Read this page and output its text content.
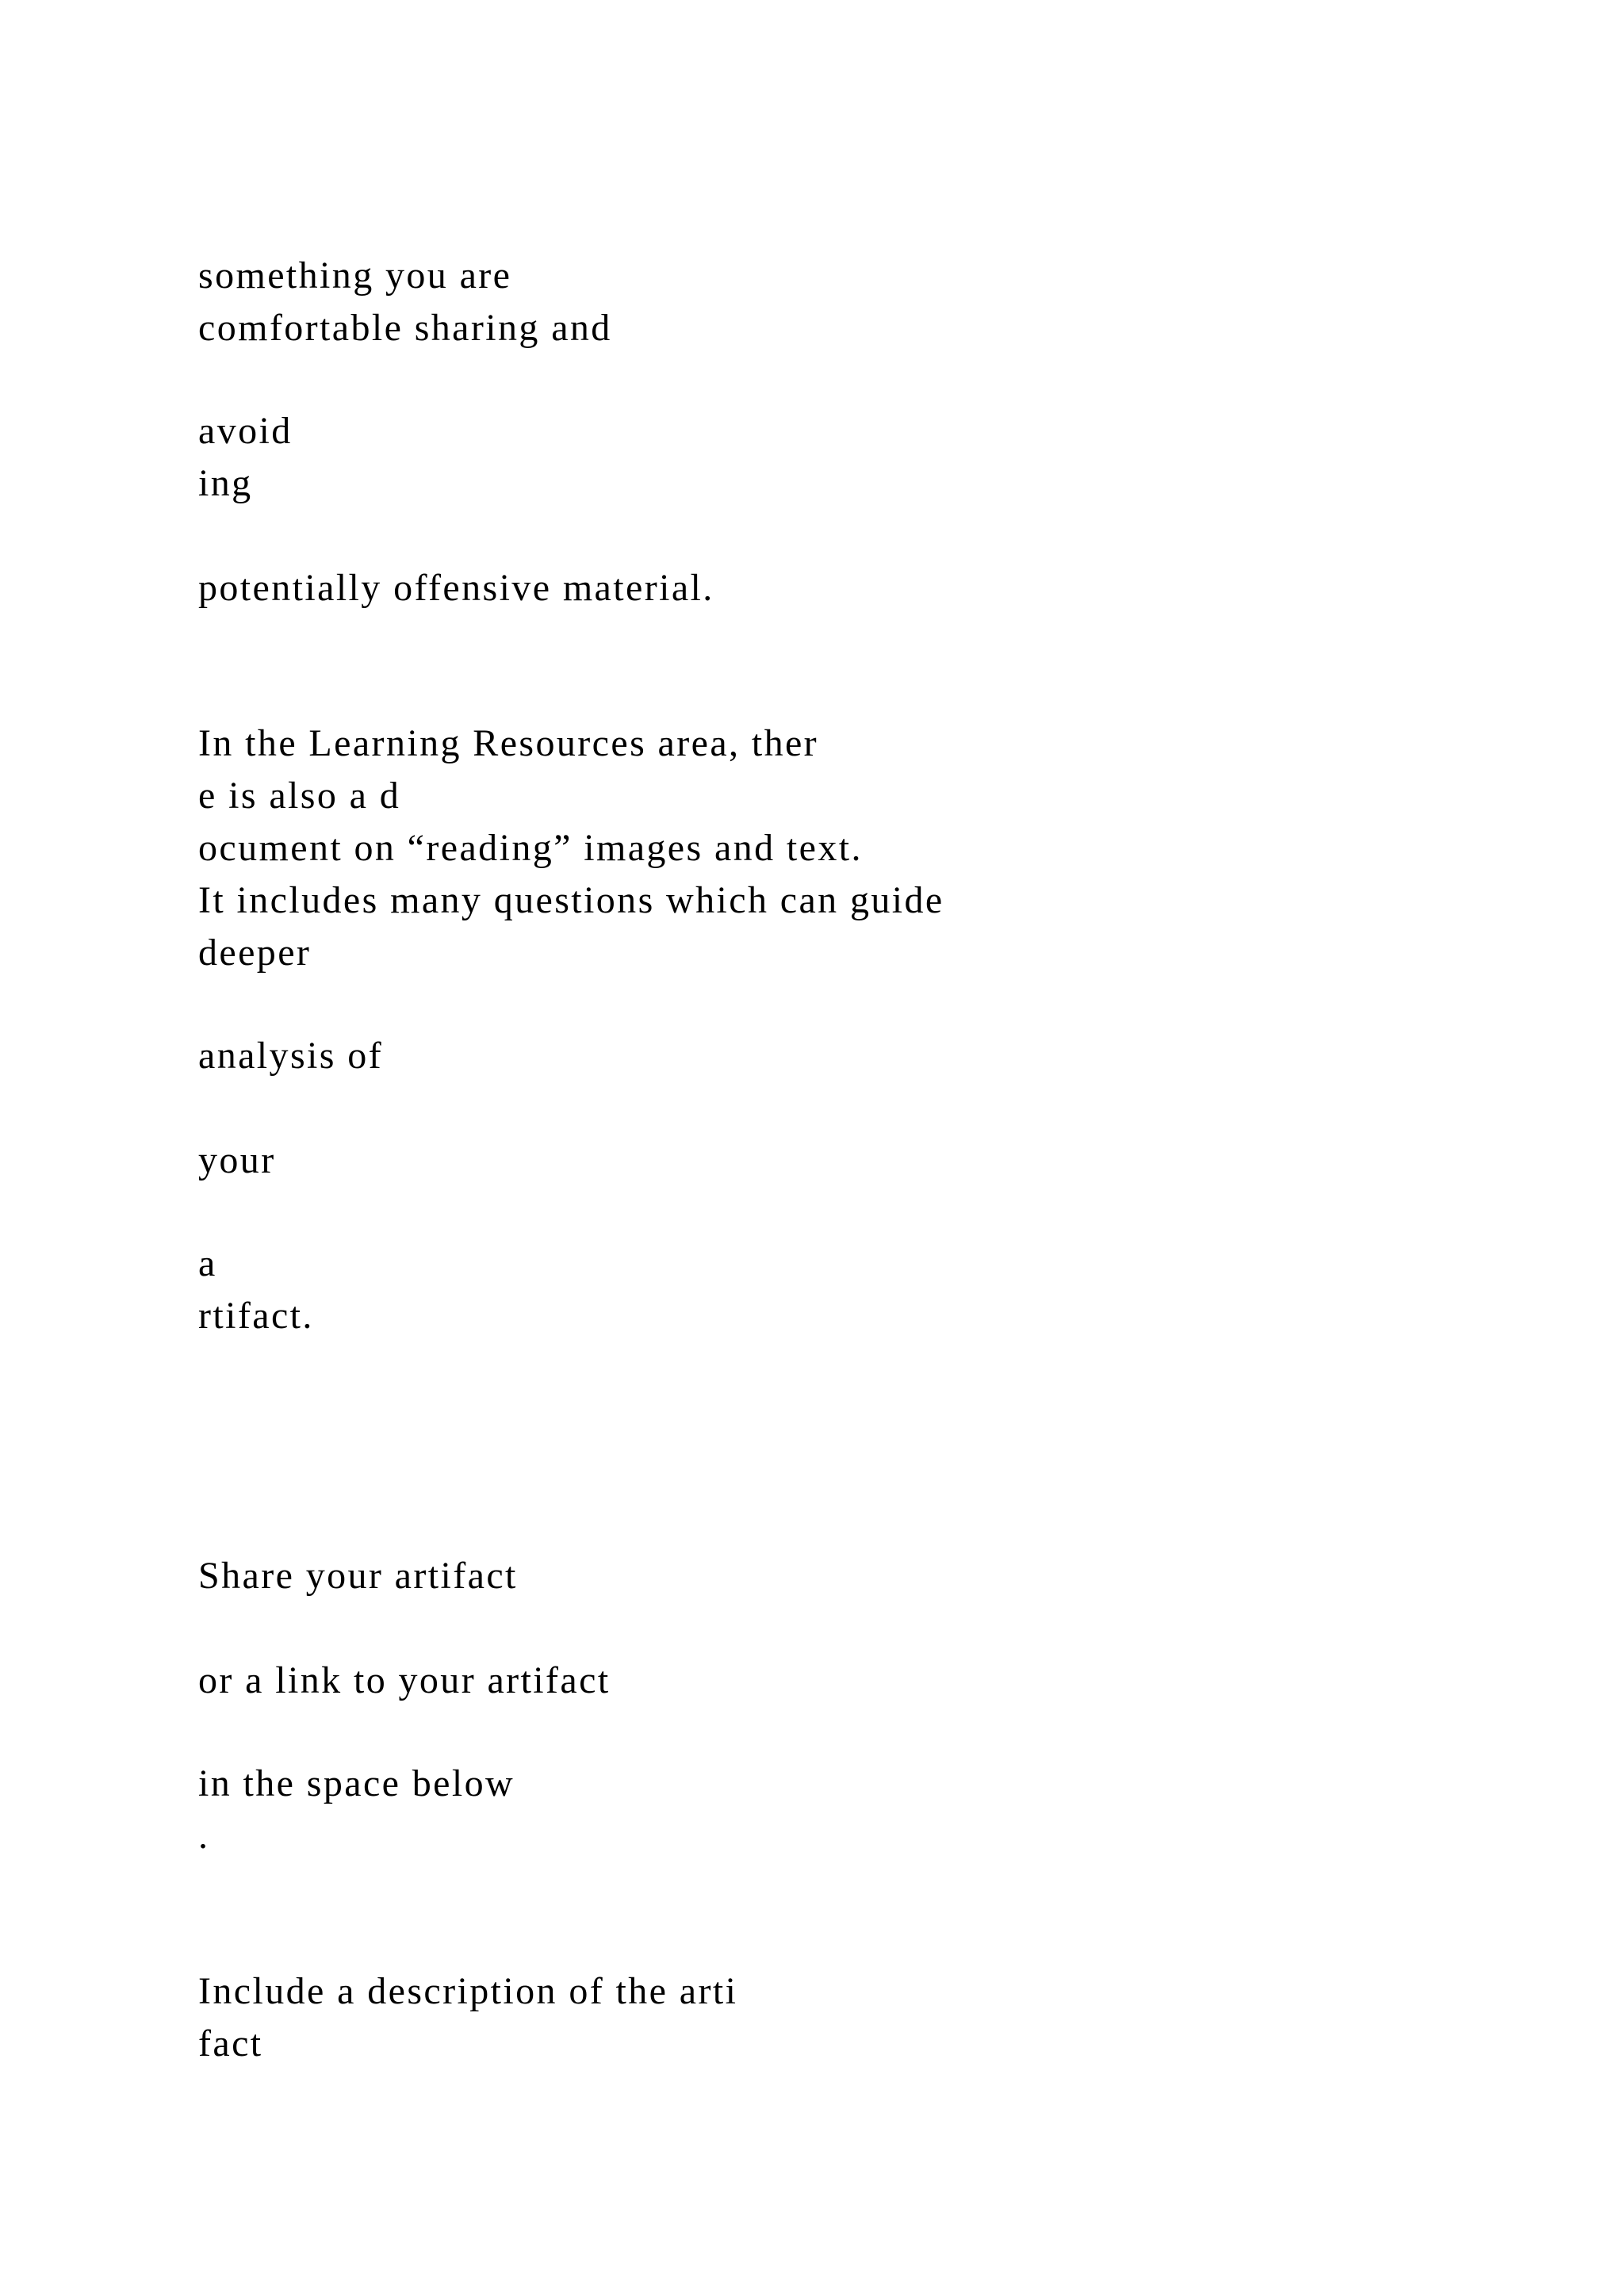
something you are

comfortable sharing and

avoid

ing

potentially offensive material.

In the Learning Resources area, ther

e is also a d

ocument on “reading” images and text.

It includes many questions which can guide

deeper

analysis of

your

a

rtifact.

Share your artifact

or a link to your artifact

in the space below

.

Include a description of the arti

fact
